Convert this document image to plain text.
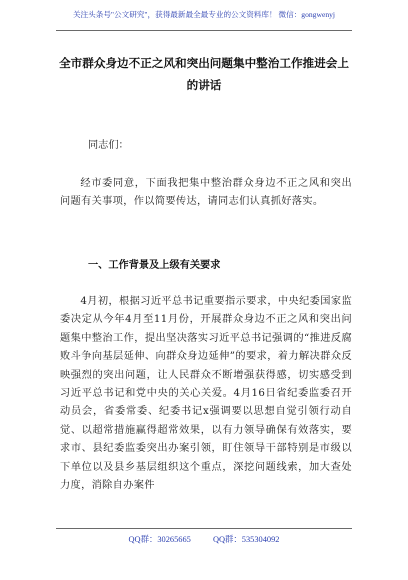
关注头条号"公文研究"，获得最新最全最专业的公文资料库！ 微信：gongwenyj
全市群众身边不正之风和突出问题集中整治工作推进会上的讲话
同志们：
经市委同意，下面我把集中整治群众身边不正之风和突出问题有关事项，作以简要传达，请同志们认真抓好落实。
一、工作背景及上级有关要求
4月初，根据习近平总书记重要指示要求，中央纪委国家监委决定从今年4月至11月份，开展群众身边不正之风和突出问题集中整治工作，提出坚决落实习近平总书记强调的“推进反腐败斗争向基层延伸、向群众身边延伸”的要求，着力解决群众反映强烈的突出问题，让人民群众不断增强获得感，切实感受到习近平总书记和党中央的关心关爱。4月16日省纪委监委召开动员会，省委常委、纪委书记x强调要以思想自觉引领行动自觉、以超常措施赢得超常效果，以有力领导确保有效落实，要求市、县纪委监委突出办案引领，盯住领导干部特别是市级以下单位以及县乡基层组织这个重点，深挖问题线索，加大查处力度，消除自办案件
QQ群：30265665	QQ群：535304092
